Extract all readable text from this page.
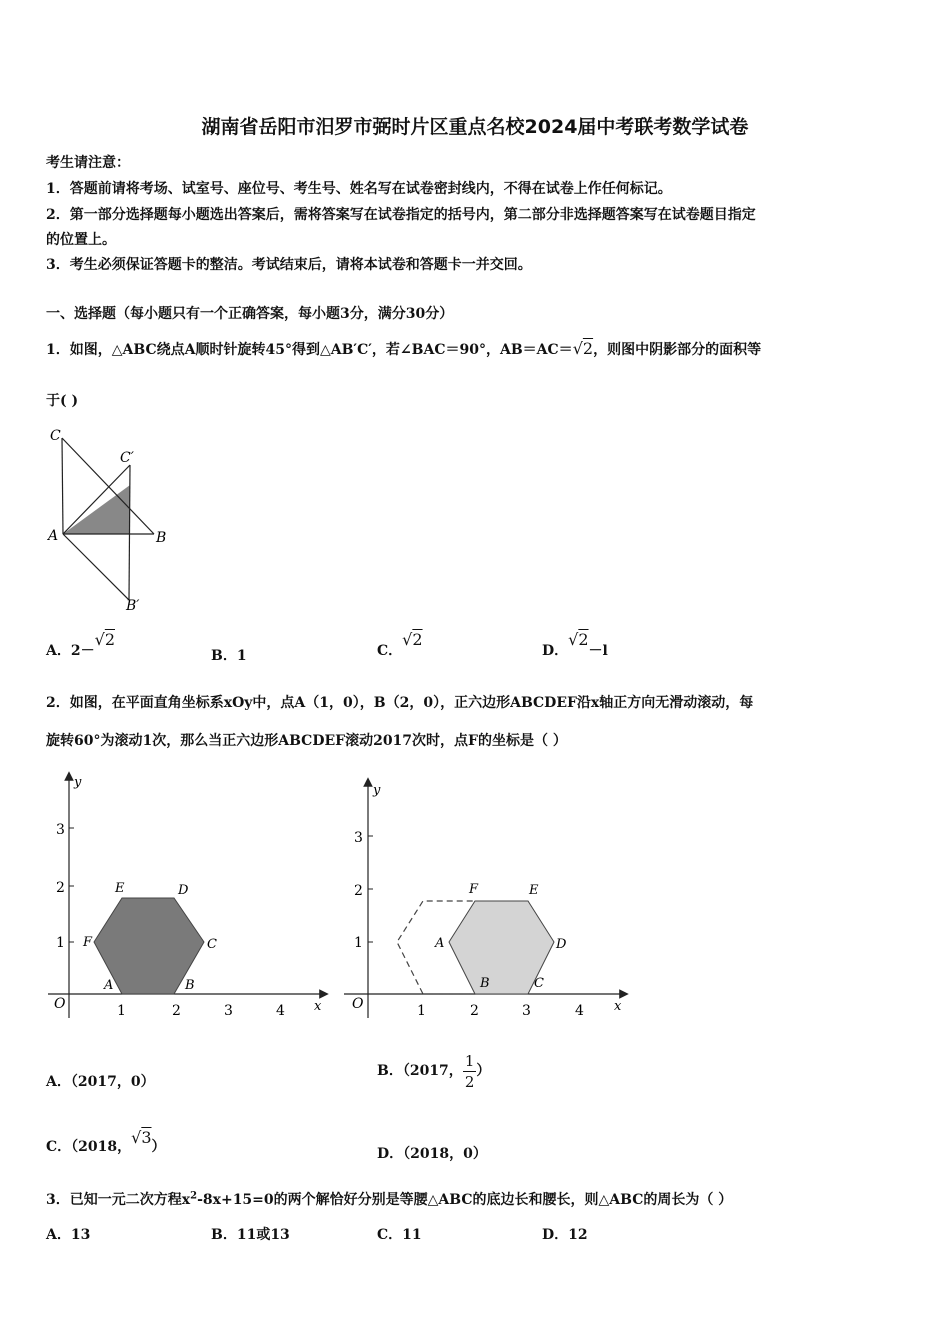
湖南省岳阳市汨罗市弼时片区重点名校2024届中考联考数学试卷
考生请注意：
1．答题前请将考场、试室号、座位号、考生号、姓名写在试卷密封线内，不得在试卷上作任何标记。
2．第一部分选择题每小题选出答案后，需将答案写在试卷指定的括号内，第二部分非选择题答案写在试卷题目指定
的位置上。
3．考生必须保证答题卡的整洁。考试结束后，请将本试卷和答题卡一并交回。
一、选择题（每小题只有一个正确答案，每小题3分，满分30分）
1．如图，△ABC绕点A顺时针旋转45°得到△AB′C′，若∠BAC＝90°，AB＝AC＝√2，则图中阴影部分的面积等
于( )
C
C′
A	B
B′
A．2－√2
B．1	C．√2
D．√2－l
2．如图，在平面直角坐标系xOy中，点A（1，0），B（2，0），正六边形ABCDEF沿x轴正方向无滑动滚动，每
旋转60°为滚动1次，那么当正六边形ABCDEF滚动2017次时，点F的坐标是（ ）
y
x
O	1	2	3	4
1
2
3
A	B
C
D
E
F
y
x
O	1	2	3	4
1
2
3
A
B	C
D
E
F
A．（2017，0）
B．（2017， $\frac{1}{2}$ ）
C．（2018，√3）	D．（2018，0）
3．已知一元二次方程$x^2-8x+15=0$的两个解恰好分别是等腰△ABC的底边长和腰长，则△ABC的周长为（ ）
A．13	B．11或13	C．11	D．12
